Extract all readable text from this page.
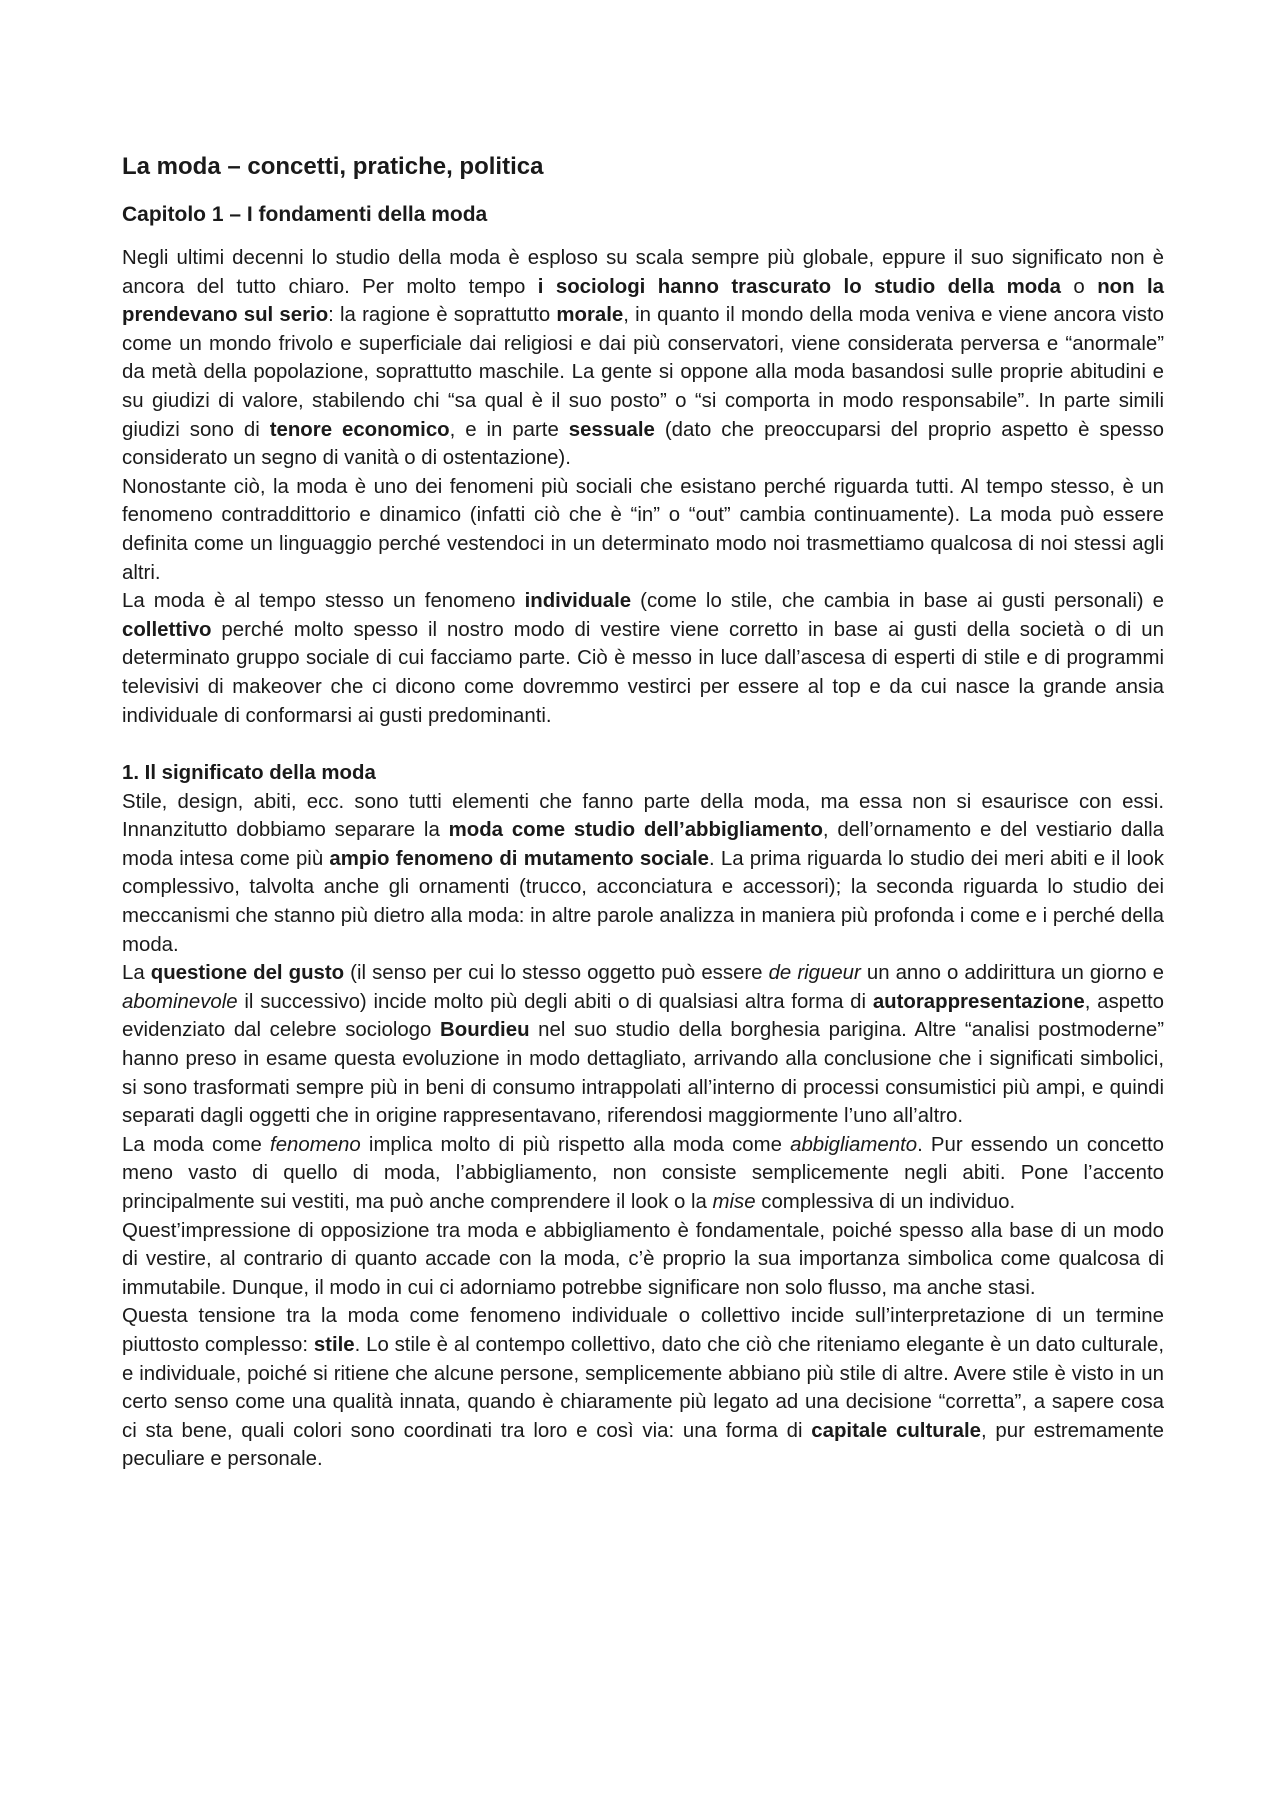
La moda – concetti, pratiche, politica
Capitolo 1 – I fondamenti della moda

Negli ultimi decenni lo studio della moda è esploso su scala sempre più globale, eppure il suo significato non è ancora del tutto chiaro. Per molto tempo i sociologi hanno trascurato lo studio della moda o non la prendevano sul serio: la ragione è soprattutto morale, in quanto il mondo della moda veniva e viene ancora visto come un mondo frivolo e superficiale dai religiosi e dai più conservatori, viene considerata perversa e “anormale” da metà della popolazione, soprattutto maschile. La gente si oppone alla moda basandosi sulle proprie abitudini e su giudizi di valore, stabilendo chi “sa qual è il suo posto” o “si comporta in modo responsabile”. In parte simili giudizi sono di tenore economico, e in parte sessuale (dato che preoccuparsi del proprio aspetto è spesso considerato un segno di vanità o di ostentazione).

Nonostante ciò, la moda è uno dei fenomeni più sociali che esistano perché riguarda tutti. Al tempo stesso, è un fenomeno contraddittorio e dinamico (infatti ciò che è “in” o “out” cambia continuamente). La moda può essere definita come un linguaggio perché vestendoci in un determinato modo noi trasmettiamo qualcosa di noi stessi agli altri.

La moda è al tempo stesso un fenomeno individuale (come lo stile, che cambia in base ai gusti personali) e collettivo perché molto spesso il nostro modo di vestire viene corretto in base ai gusti della società o di un determinato gruppo sociale di cui facciamo parte. Ciò è messo in luce dall’ascesa di esperti di stile e di programmi televisivi di makeover che ci dicono come dovremmo vestirci per essere al top e da cui nasce la grande ansia individuale di conformarsi ai gusti predominanti.

1. Il significato della moda

Stile, design, abiti, ecc. sono tutti elementi che fanno parte della moda, ma essa non si esaurisce con essi. Innanzitutto dobbiamo separare la moda come studio dell’abbigliamento, dell’ornamento e del vestiario dalla moda intesa come più ampio fenomeno di mutamento sociale. La prima riguarda lo studio dei meri abiti e il look complessivo, talvolta anche gli ornamenti (trucco, acconciatura e accessori); la seconda riguarda lo studio dei meccanismi che stanno più dietro alla moda: in altre parole analizza in maniera più profonda i come e i perché della moda.

La questione del gusto (il senso per cui lo stesso oggetto può essere de rigueur un anno o addirittura un giorno e abominevole il successivo) incide molto più degli abiti o di qualsiasi altra forma di autorappresentazione, aspetto evidenziato dal celebre sociologo Bourdieu nel suo studio della borghesia parigina. Altre “analisi postmoderne” hanno preso in esame questa evoluzione in modo dettagliato, arrivando alla conclusione che i significati simbolici, si sono trasformati sempre più in beni di consumo intrappolati all’interno di processi consumistici più ampi, e quindi separati dagli oggetti che in origine rappresentavano, riferendosi maggiormente l’uno all’altro.

La moda come fenomeno implica molto di più rispetto alla moda come abbigliamento. Pur essendo un concetto meno vasto di quello di moda, l’abbigliamento, non consiste semplicemente negli abiti. Pone l’accento principalmente sui vestiti, ma può anche comprendere il look o la mise complessiva di un individuo.

Quest’impressione di opposizione tra moda e abbigliamento è fondamentale, poiché spesso alla base di un modo di vestire, al contrario di quanto accade con la moda, c’è proprio la sua importanza simbolica come qualcosa di immutabile. Dunque, il modo in cui ci adorniamo potrebbe significare non solo flusso, ma anche stasi.

Questa tensione tra la moda come fenomeno individuale o collettivo incide sull’interpretazione di un termine piuttosto complesso: stile. Lo stile è al contempo collettivo, dato che ciò che riteniamo elegante è un dato culturale, e individuale, poiché si ritiene che alcune persone, semplicemente abbiano più stile di altre. Avere stile è visto in un certo senso come una qualità innata, quando è chiaramente più legato ad una decisione “corretta”, a sapere cosa ci sta bene, quali colori sono coordinati tra loro e così via: una forma di capitale culturale, pur estremamente peculiare e personale.
